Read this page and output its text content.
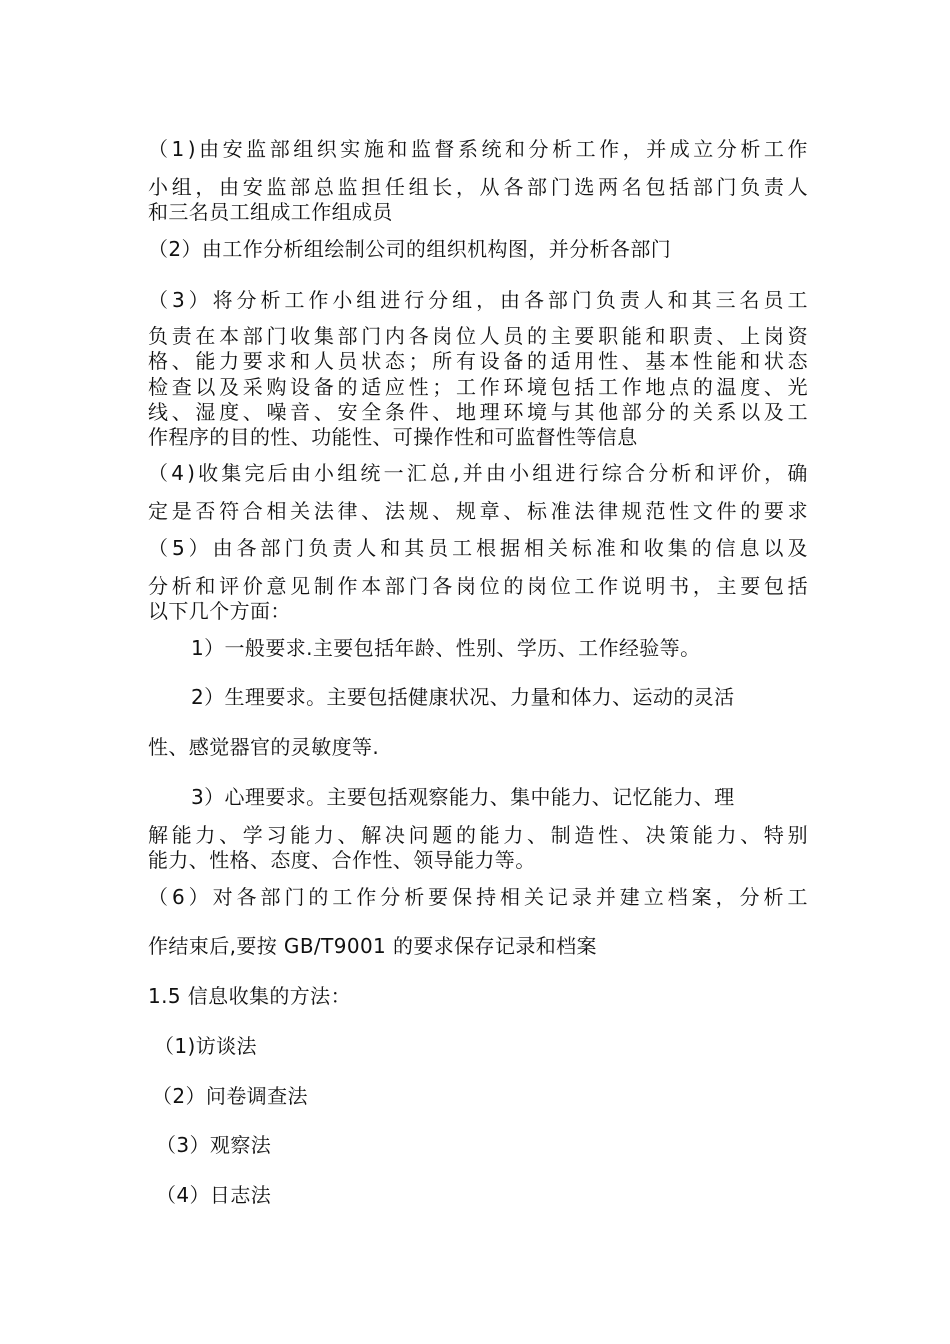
（ 1 ) 由 安 监 部 组 织 实 施 和 监 督 系 统 和 分 析 工 作 ， 并 成 立 分 析 工 作
小 组 ， 由 安 监 部 总 监 担 任 组 长 ， 从 各 部 门 选 两 名 包 括 部 门 负 责 人
和三名员工组成工作组成员
（2）由工作分析组绘制公司的组织机构图，并分析各部门
（ 3 ） 将 分 析 工 作 小 组 进 行 分 组 ， 由 各 部 门 负 责 人 和 其 三 名 员 工
负 责 在 本 部 门 收 集 部 门 内 各 岗 位 人 员 的 主 要 职 能 和 职 责 、 上 岗 资
格 、 能 力 要 求 和 人 员 状 态 ； 所 有 设 备 的 适 用 性 、 基 本 性 能 和 状 态
检 查 以 及 采 购 设 备 的 适 应 性 ； 工 作 环 境 包 括 工 作 地 点 的 温 度 、 光
线 、 湿 度 、 噪 音 、 安 全 条 件 、 地 理 环 境 与 其 他 部 分 的 关 系 以 及 工
作程序的目的性、功能性、可操作性和可监督性等信息
（ 4 ) 收 集 完 后 由 小 组 统 一 汇 总 , 并 由 小 组 进 行 综 合 分 析 和 评 价 ， 确
定 是 否 符 合 相 关 法 律 、 法 规 、 规 章 、 标 准 法 律 规 范 性 文 件 的 要 求
（ 5 ） 由 各 部 门 负 责 人 和 其 员 工 根 据 相 关 标 准 和 收 集 的 信 息 以 及
分 析 和 评 价 意 见 制 作 本 部 门 各 岗 位 的 岗 位 工 作 说 明 书 ， 主 要 包 括
以下几个方面：
1）一般要求.主要包括年龄、性别、学历、工作经验等。
2）生理要求。主要包括健康状况、力量和体力、运动的灵活
性、感觉器官的灵敏度等.
3）心理要求。主要包括观察能力、集中能力、记忆能力、理
解 能 力 、 学 习 能 力 、 解 决 问 题 的 能 力 、 制 造 性 、 决 策 能 力 、 特 别
能力、性格、态度、合作性、领导能力等。
（ 6 ） 对 各 部 门 的 工 作 分 析 要 保 持 相 关 记 录 并 建 立 档 案 ， 分 析 工
作结束后,要按 GB/T9001 的要求保存记录和档案
1.5 信息收集的方法：
（1)访谈法
（2）问卷调查法
（3）观察法
（4）日志法
